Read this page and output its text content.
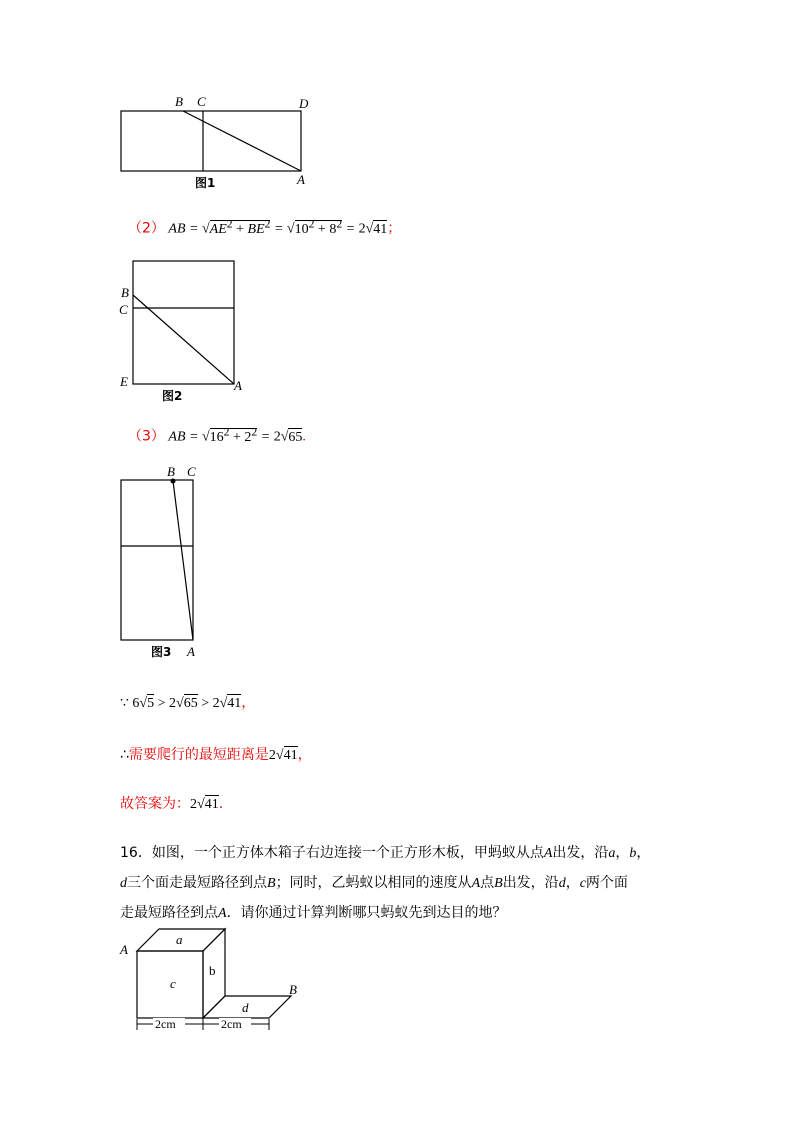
B C	D
A
图1
（2） AB = $√AE^2 + BE^2 = √10^2 + 8^2 = 2√41$；
B
C
E	A
图2
（3） AB = $√16^2 + 2^2 = 2√65$.
B C
A
图3
∵ 6√5 > 2√65 > 2√41，
∴需要爬行的最短距离是2√41，
故答案为：2√41.
16．如图，一个正方体木箱子右边连接一个正方形木板，甲蚂蚁从点A出发，沿a，b，
d三个面走最短路径到点B；同时，乙蚂蚁以相同的速度从A点B出发，沿d，c两个面
走最短路径到点A．请你通过计算判断哪只蚂蚁先到达目的地？
A
B
a
b
c
d
2cm	2cm
